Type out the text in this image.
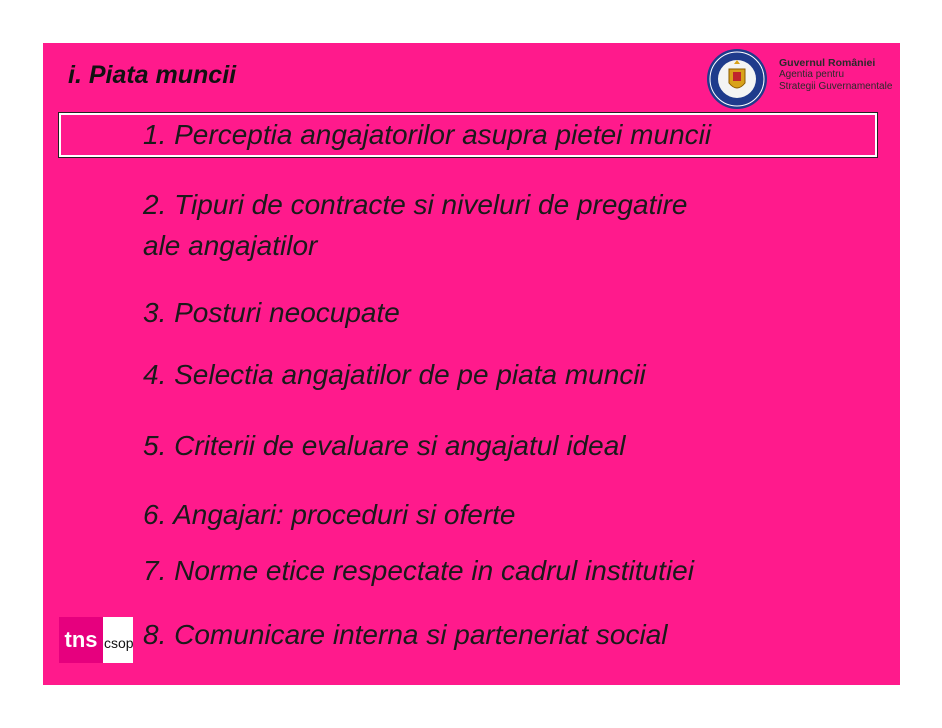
i. Piata muncii	Guvernul României
Agentia pentru
Strategii Guvernamentale
1. Perceptia angajatorilor asupra pietei muncii
2. Tipuri de contracte si niveluri de pregatire
ale angajatilor
3. Posturi neocupate
4. Selectia angajatilor de pe piata muncii
5. Criterii de evaluare si angajatul ideal
6. Angajari: proceduri si oferte
7. Norme etice respectate in cadrul institutiei
8. Comunicare interna si parteneriat social
tns csop
